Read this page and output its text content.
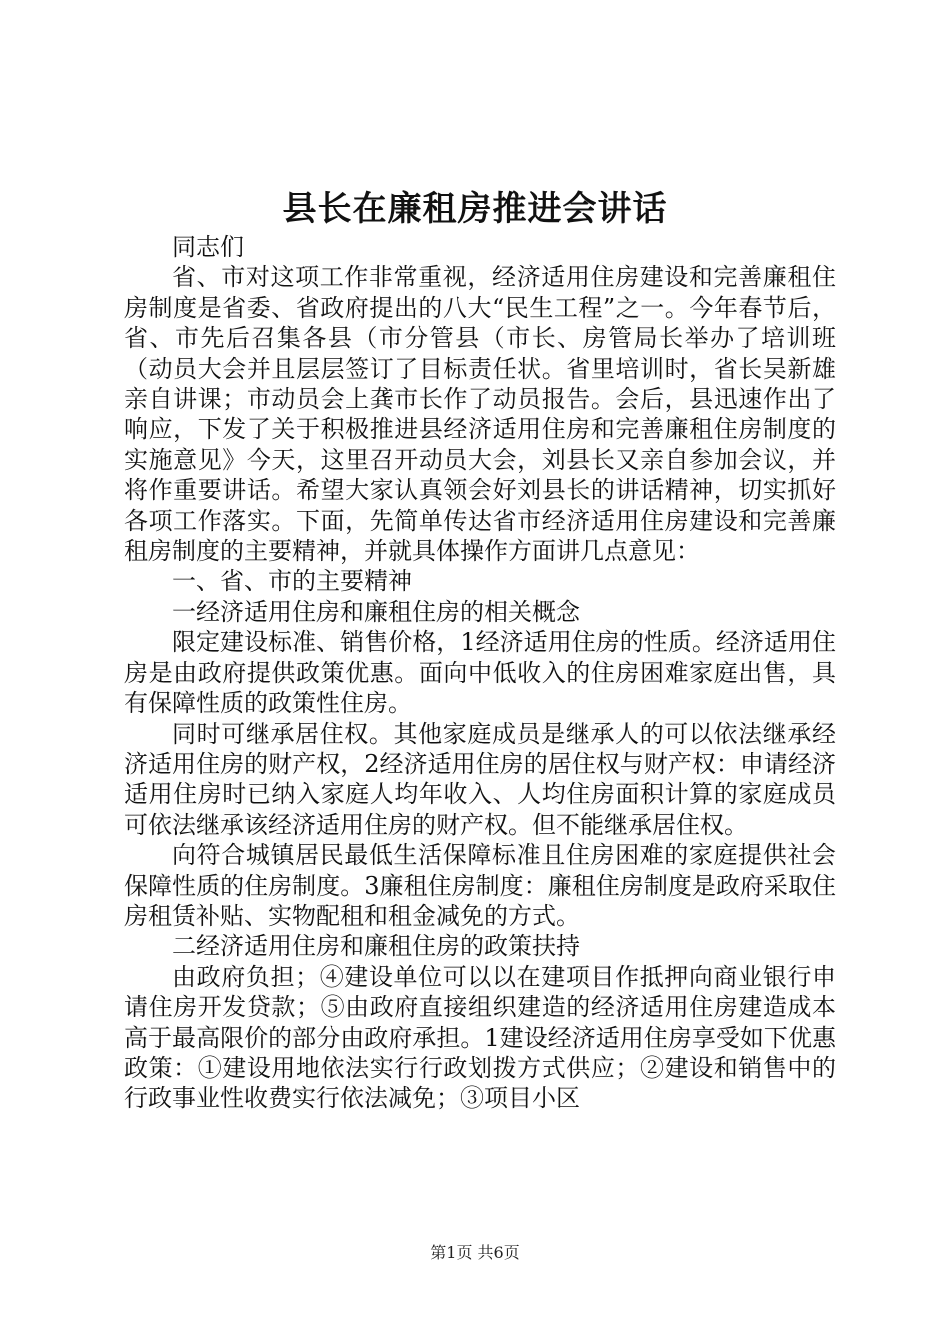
县长在廉租房推进会讲话

同志们

省、市对这项工作非常重视，经济适用住房建设和完善廉租住房制度是省委、省政府提出的八大“民生工程”之一。今年春节后，省、市先后召集各县（市分管县（市长、房管局长举办了培训班（动员大会并且层层签订了目标责任状。省里培训时，省长吴新雄亲自讲课；市动员会上龚市长作了动员报告。会后，县迅速作出了响应，下发了关于积极推进县经济适用住房和完善廉租住房制度的实施意见》今天，这里召开动员大会，刘县长又亲自参加会议，并将作重要讲话。希望大家认真领会好刘县长的讲话精神，切实抓好各项工作落实。下面，先简单传达省市经济适用住房建设和完善廉租房制度的主要精神，并就具体操作方面讲几点意见：

一、省、市的主要精神

一经济适用住房和廉租住房的相关概念

限定建设标准、销售价格，1经济适用住房的性质。经济适用住房是由政府提供政策优惠。面向中低收入的住房困难家庭出售，具有保障性质的政策性住房。

同时可继承居住权。其他家庭成员是继承人的可以依法继承经济适用住房的财产权，2经济适用住房的居住权与财产权：申请经济适用住房时已纳入家庭人均年收入、人均住房面积计算的家庭成员可依法继承该经济适用住房的财产权。但不能继承居住权。

向符合城镇居民最低生活保障标准且住房困难的家庭提供社会保障性质的住房制度。3廉租住房制度：廉租住房制度是政府采取住房租赁补贴、实物配租和租金减免的方式。

二经济适用住房和廉租住房的政策扶持

由政府负担；④建设单位可以以在建项目作抵押向商业银行申请住房开发贷款；⑤由政府直接组织建造的经济适用住房建造成本高于最高限价的部分由政府承担。1建设经济适用住房享受如下优惠政策：①建设用地依法实行行政划拨方式供应；②建设和销售中的行政事业性收费实行依法减免；③项目小区

第1页 共6页
